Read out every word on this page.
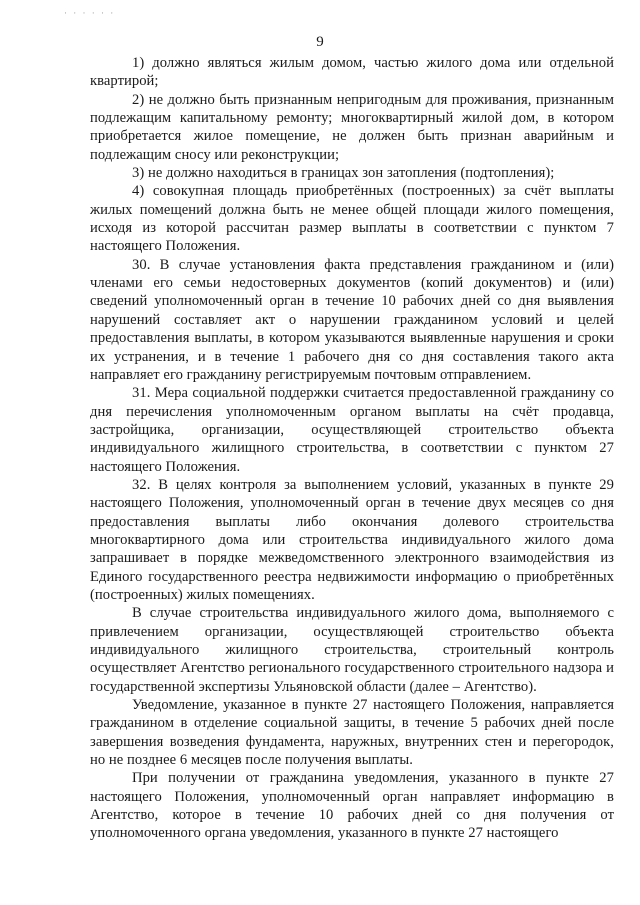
· · · · · ·
9

1) должно являться жилым домом, частью жилого дома или отдельной квартирой;

2) не должно быть признанным непригодным для проживания, признанным подлежащим капитальному ремонту; многоквартирный жилой дом, в котором приобретается жилое помещение, не должен быть признан аварийным и подлежащим сносу или реконструкции;

3) не должно находиться в границах зон затопления (подтопления);

4) совокупная площадь приобретённых (построенных) за счёт выплаты жилых помещений должна быть не менее общей площади жилого помещения, исходя из которой рассчитан размер выплаты в соответствии с пунктом 7 настоящего Положения.

30. В случае установления факта представления гражданином и (или) членами его семьи недостоверных документов (копий документов) и (или) сведений уполномоченный орган в течение 10 рабочих дней со дня выявления нарушений составляет акт о нарушении гражданином условий и целей предоставления выплаты, в котором указываются выявленные нарушения и сроки их устранения, и в течение 1 рабочего дня со дня составления такого акта направляет его гражданину регистрируемым почтовым отправлением.

31. Мера социальной поддержки считается предоставленной гражданину со дня перечисления уполномоченным органом выплаты на счёт продавца, застройщика, организации, осуществляющей строительство объекта индивидуального жилищного строительства, в соответствии с пунктом 27 настоящего Положения.

32. В целях контроля за выполнением условий, указанных в пункте 29 настоящего Положения, уполномоченный орган в течение двух месяцев со дня предоставления выплаты либо окончания долевого строительства многоквартирного дома или строительства индивидуального жилого дома запрашивает в порядке межведомственного электронного взаимодействия из Единого государственного реестра недвижимости информацию о приобретённых (построенных) жилых помещениях.

В случае строительства индивидуального жилого дома, выполняемого с привлечением организации, осуществляющей строительство объекта индивидуального жилищного строительства, строительный контроль осуществляет Агентство регионального государственного строительного надзора и государственной экспертизы Ульяновской области (далее – Агентство).

Уведомление, указанное в пункте 27 настоящего Положения, направляется гражданином в отделение социальной защиты, в течение 5 рабочих дней после завершения возведения фундамента, наружных, внутренних стен и перегородок, но не позднее 6 месяцев после получения выплаты.

При получении от гражданина уведомления, указанного в пункте 27 настоящего Положения, уполномоченный орган направляет информацию в Агентство, которое в течение 10 рабочих дней со дня получения от уполномоченного органа уведомления, указанного в пункте 27 настоящего
